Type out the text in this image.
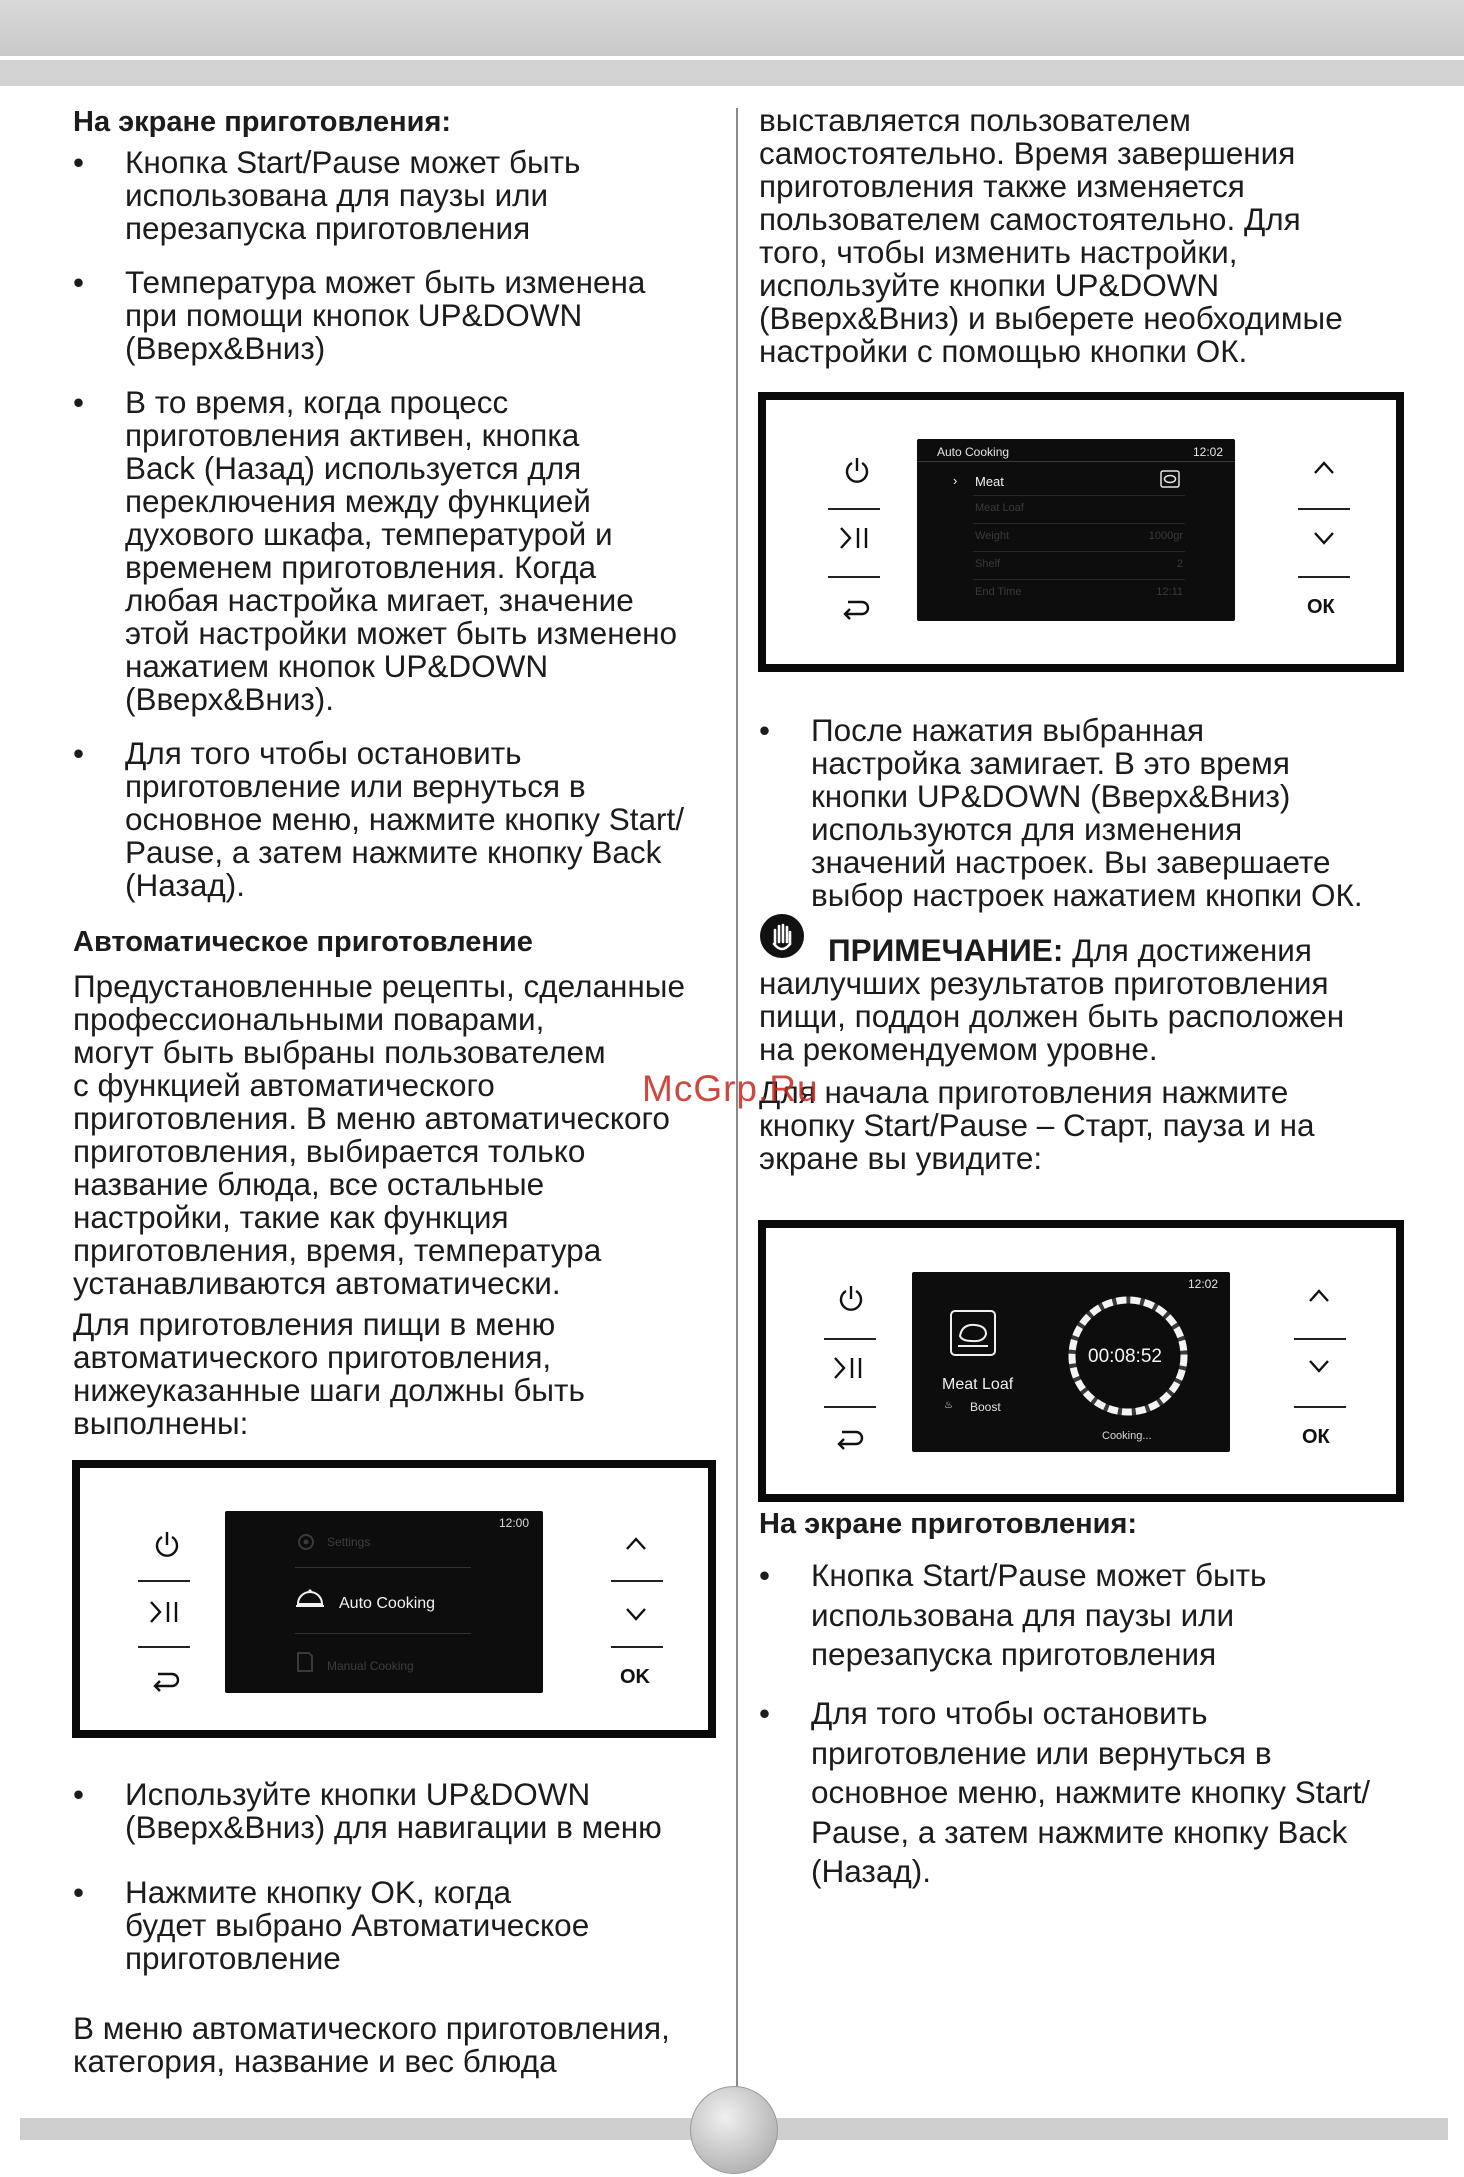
На экране приготовления:
• Кнопка Start/Pause может быть
использована для паузы или
перезапуска приготовления
• Температура может быть изменена
при помощи кнопок UP&DOWN
(Вверх&Вниз)
• В то время, когда процесс
приготовления активен, кнопка
Back (Назад) используется для
переключения между функцией
духового шкафа, температурой и
временем приготовления. Когда
любая настройка мигает, значение
этой настройки может быть изменено
нажатием кнопок UP&DOWN
(Вверх&Вниз).
• Для того чтобы остановить
приготовление или вернуться в
основное меню, нажмите кнопку Start/
Pause, а затем нажмите кнопку Back
(Назад).
Автоматическое приготовление
Предустановленные рецепты, сделанные
профессиональными поварами,
могут быть выбраны пользователем
с функцией автоматического
приготовления. В меню автоматического
приготовления, выбирается только
название блюда, все остальные
настройки, такие как функция
приготовления, время, температура
устанавливаются автоматически.
Для приготовления пищи в меню
автоматического приготовления,
нижеуказанные шаги должны быть
выполнены:
12:00
Settings
Auto Cooking
Manual Cooking	OK
• Используйте кнопки UP&DOWN
(Вверх&Вниз) для навигации в меню
• Нажмите кнопку OK, когда
будет выбрано Автоматическое
приготовление
В меню автоматического приготовления,
категория, название и вес блюда
выставляется пользователем
самостоятельно. Время завершения
приготовления также изменяется
пользователем самостоятельно. Для
того, чтобы изменить настройки,
используйте кнопки UP&DOWN
(Вверх&Вниз) и выберете необходимые
настройки с помощью кнопки ОК.
Auto Cooking	12:02
› Meat
Meat Loaf
Weight	1000gr
Shelf	2
End Time	12:11
ОК
• После нажатия выбранная
настройка замигает. В это время
кнопки UP&DOWN (Вверх&Вниз)
используются для изменения
значений настроек. Вы завершаете
выбор настроек нажатием кнопки ОК.
ПРИМЕЧАНИЕ: Для достижения
наилучших результатов приготовления
пищи, поддон должен быть расположен
на рекомендуемом уровне.
Для начала приготовления нажмите
кнопку Start/Pause – Старт, пауза и на
экране вы увидите:
12:02
Meat Loaf
♨ Boost
00:08:52
Cooking...	ОК
На экране приготовления:
• Кнопка Start/Pause может быть
использована для паузы или
перезапуска приготовления
• Для того чтобы остановить
приготовление или вернуться в
основное меню, нажмите кнопку Start/
Pause, а затем нажмите кнопку Back
(Назад).
McGrp.Ru
